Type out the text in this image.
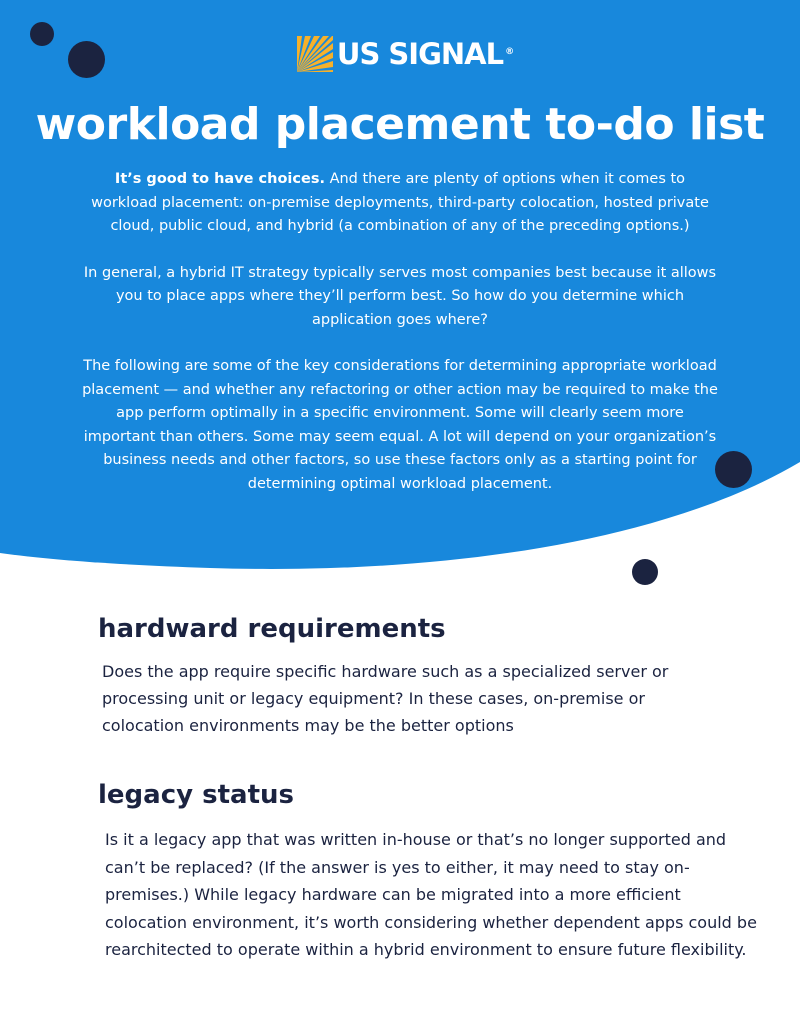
US SIGNAL ®
workload placement to-do list

It’s good to have choices. And there are plenty of options when it comes to workload placement: on-premise deployments, third-party colocation, hosted private cloud, public cloud, and hybrid (a combination of any of the preceding options.)

In general, a hybrid IT strategy typically serves most companies best because it allows you to place apps where they’ll perform best. So how do you determine which application goes where?

The following are some of the key considerations for determining appropriate workload placement — and whether any refactoring or other action may be required to make the app perform optimally in a specific environment. Some will clearly seem more important than others. Some may seem equal. A lot will depend on your organization’s business needs and other factors, so use these factors only as a starting point for determining optimal workload placement.

hardward requirements

Does the app require specific hardware such as a specialized server or processing unit or legacy equipment? In these cases, on-premise or colocation environments may be the better options

legacy status

Is it a legacy app that was written in-house or that’s no longer supported and can’t be replaced? (If the answer is yes to either, it may need to stay on-premises.) While legacy hardware can be migrated into a more efficient colocation environment, it’s worth considering whether dependent apps could be rearchitected to operate within a hybrid environment to ensure future flexibility.
